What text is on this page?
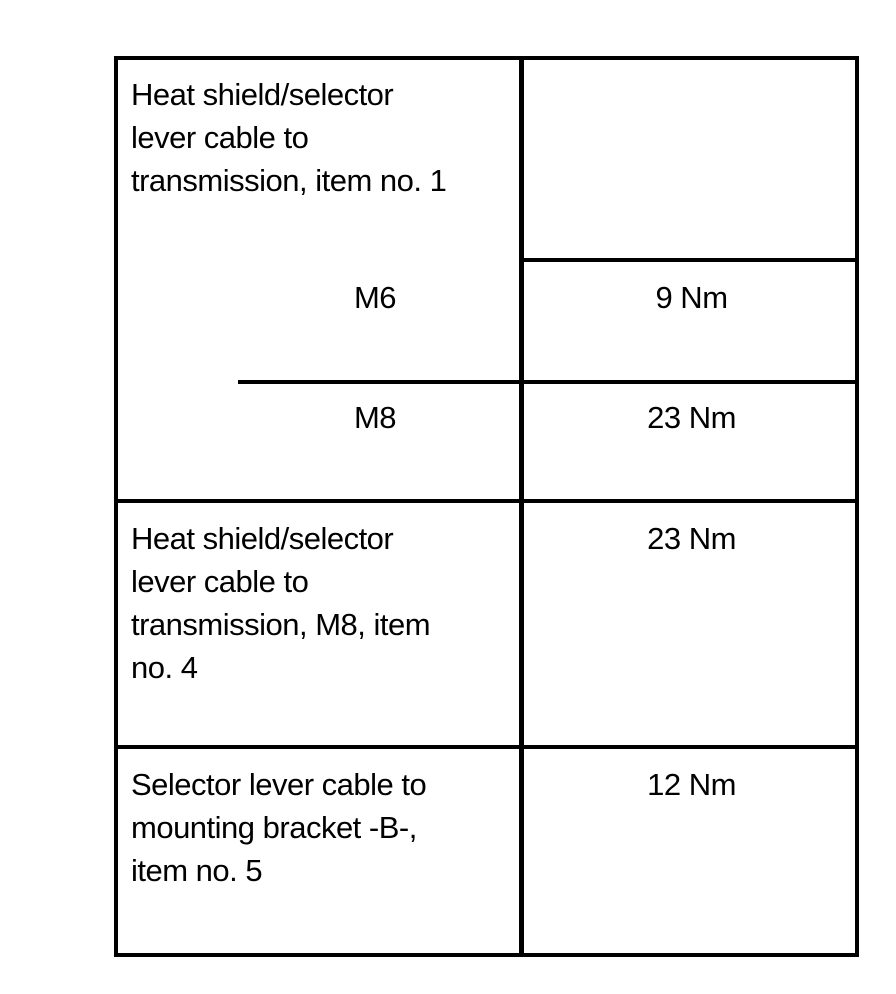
Heat shield/selector
lever cable to
transmission, item no. 1
M6	9 Nm
M8	23 Nm
Heat shield/selector
lever cable to
transmission, M8, item
no. 4
23 Nm
Selector lever cable to
mounting bracket -B-,
item no. 5
12 Nm
